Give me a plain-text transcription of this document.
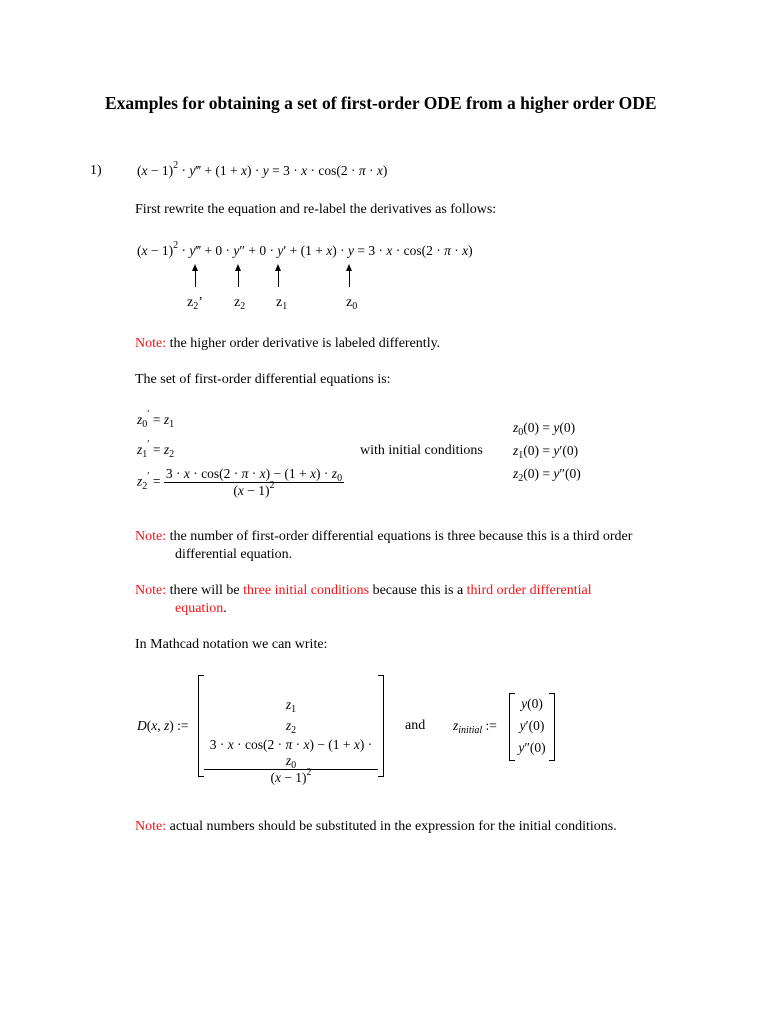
Examples for obtaining a set of first-order ODE from a higher order ODE
1)	$(x - 1)^2$ · y‴ + (1 + x) · y = 3 · x · cos(2 · π · x)
First rewrite the equation and re-label the derivatives as follows:
$(x - 1)^2$ · y‴ + 0 · y″ + 0 · y′ + (1 + x) · y = 3 · x · cos(2 · π · x)
$z_2$’ $z_2$ $z_1$	$z_0$
Note: the higher order derivative is labeled differently.
The set of first-order differential equations is:
$z_0' = z_1$
$z_1' = z_2$
$z_2' = \frac{3 \cdot x \cdot \cos(2 \cdot \pi \cdot x) - (1 + x) \cdot z_0}{(x - 1)^2}$
with initial conditions
$z_0(0) = y(0)$
$z_1(0) = y'(0)$
$z_2(0) = y''(0)$
Note: the number of first-order differential equations is three because this is a third order
differential equation.
Note: there will be three initial conditions because this is a third order differential
equation.
In Mathcad notation we can write:
D(x, z) :=
$z_1$
$z_2$
$\frac{3 \cdot x \cdot \cos(2 \cdot \pi \cdot x) - (1 + x) \cdot z_0}{(x - 1)^2}$
and $z_{initial}$ :=
y(0)
y′(0)
y″(0)
Note: actual numbers should be substituted in the expression for the initial conditions.
